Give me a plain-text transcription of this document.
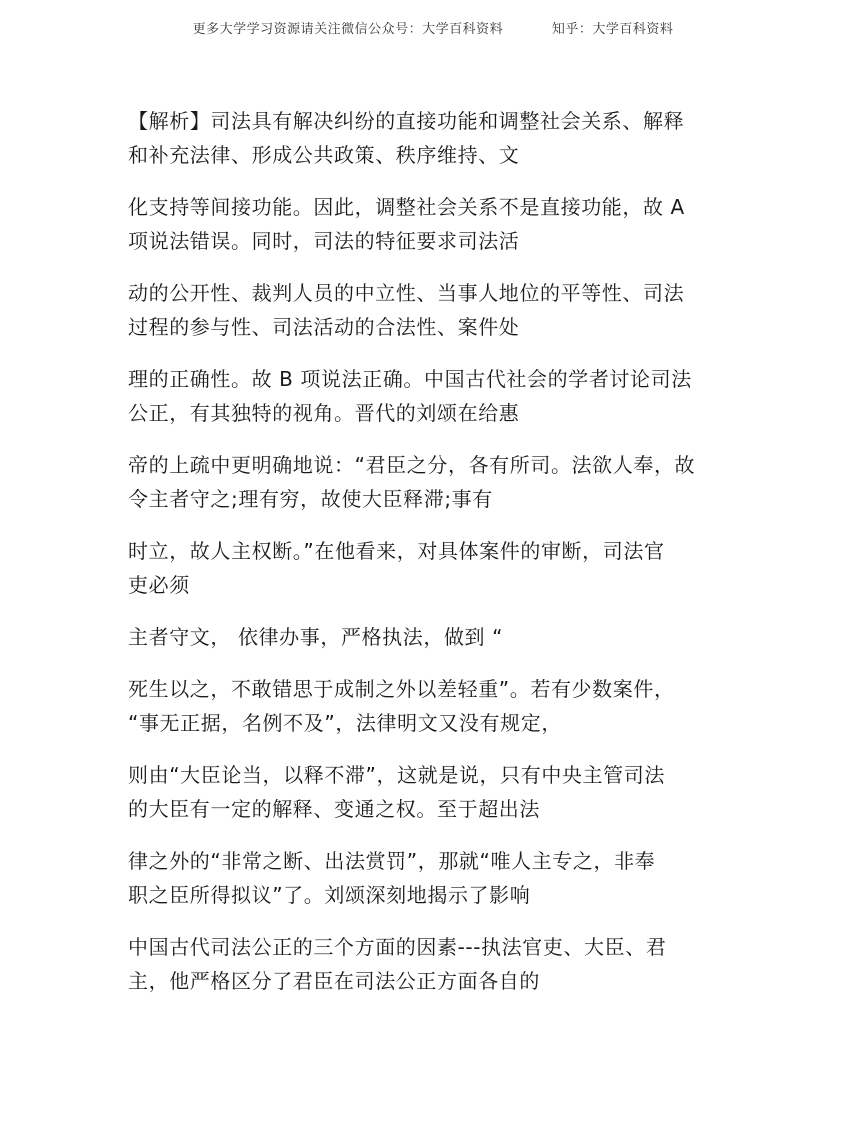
更多大学学习资源请关注微信公众号：大学百科资料	知乎：大学百科资料

【解析】司法具有解决纠纷的直接功能和调整社会关系、解释
和补充法律、形成公共政策、秩序维持、文

化支持等间接功能。因此，调整社会关系不是直接功能，故 A
项说法错误。同时，司法的特征要求司法活

动的公开性、裁判人员的中立性、当事人地位的平等性、司法
过程的参与性、司法活动的合法性、案件处

理的正确性。故 B 项说法正确。中国古代社会的学者讨论司法
公正，有其独特的视角。晋代的刘颂在给惠

帝的上疏中更明确地说：“君臣之分，各有所司。法欲人奉，故
令主者守之;理有穷，故使大臣释滞;事有

时立，故人主权断。”在他看来，对具体案件的审断，司法官
吏必须

主者守文， 依律办事，严格执法，做到 “

死生以之，不敢错思于成制之外以差轻重”。若有少数案件，
“事无正据，名例不及”，法律明文又没有规定，

则由“大臣论当，以释不滞”，这就是说，只有中央主管司法
的大臣有一定的解释、变通之权。至于超出法

律之外的“非常之断、出法赏罚”，那就“唯人主专之，非奉
职之臣所得拟议”了。刘颂深刻地揭示了影响

中国古代司法公正的三个方面的因素---执法官吏、大臣、君
主，他严格区分了君臣在司法公正方面各自的
